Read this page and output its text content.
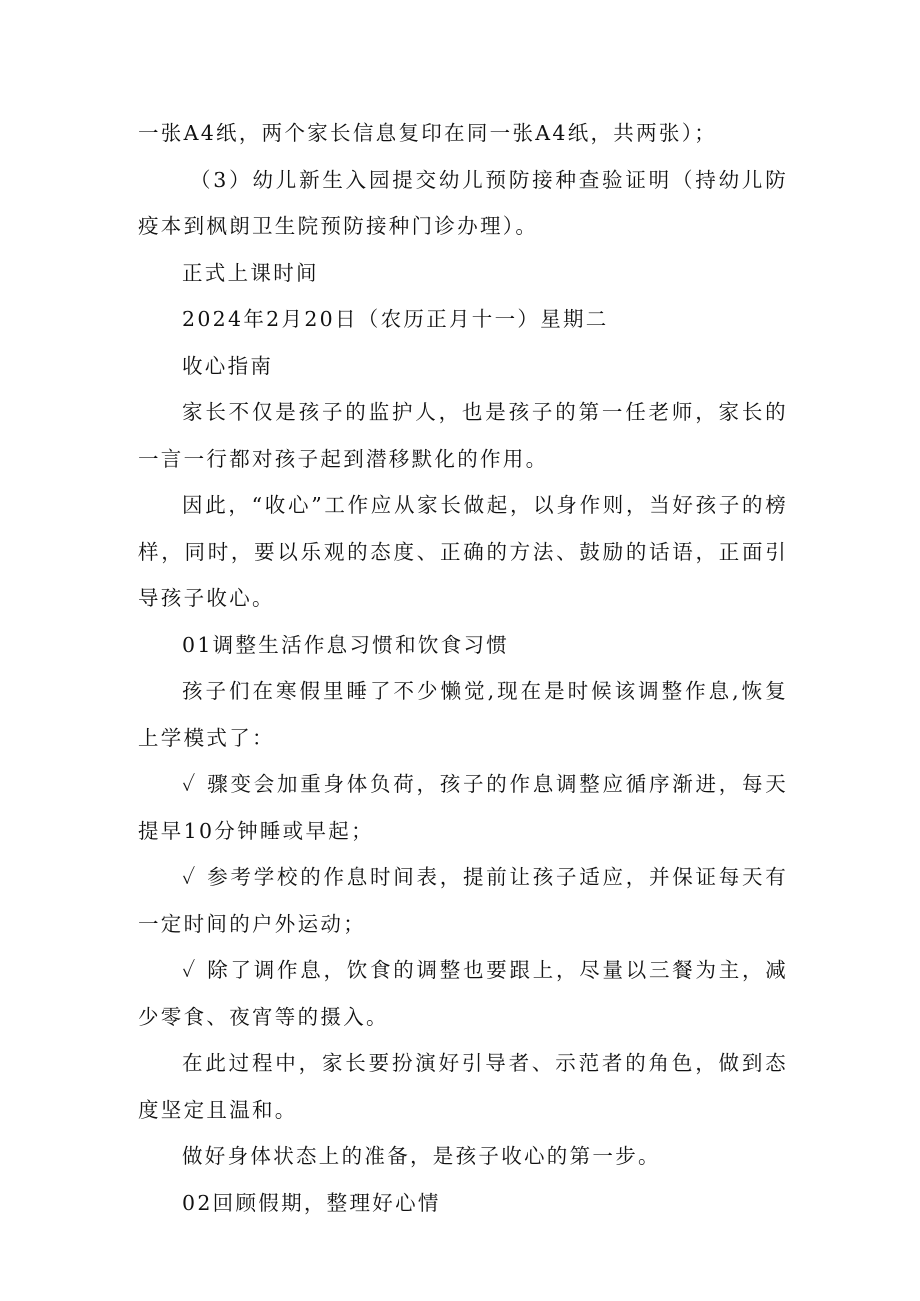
一张A4纸，两个家长信息复印在同一张A4纸，共两张）；

（3）幼儿新生入园提交幼儿预防接种查验证明（持幼儿防疫本到枫朗卫生院预防接种门诊办理）。

正式上课时间

2024年2月20日（农历正月十一）星期二

收心指南

家长不仅是孩子的监护人，也是孩子的第一任老师，家长的一言一行都对孩子起到潜移默化的作用。

因此，“收心”工作应从家长做起，以身作则，当好孩子的榜样，同时，要以乐观的态度、正确的方法、鼓励的话语，正面引导孩子收心。

01调整生活作息习惯和饮食习惯

孩子们在寒假里睡了不少懒觉,现在是时候该调整作息,恢复上学模式了：

✓ 骤变会加重身体负荷，孩子的作息调整应循序渐进，每天提早10分钟睡或早起；

✓ 参考学校的作息时间表，提前让孩子适应，并保证每天有一定时间的户外运动；

✓ 除了调作息，饮食的调整也要跟上，尽量以三餐为主，减少零食、夜宵等的摄入。

在此过程中，家长要扮演好引导者、示范者的角色，做到态度坚定且温和。

做好身体状态上的准备，是孩子收心的第一步。

02回顾假期，整理好心情
